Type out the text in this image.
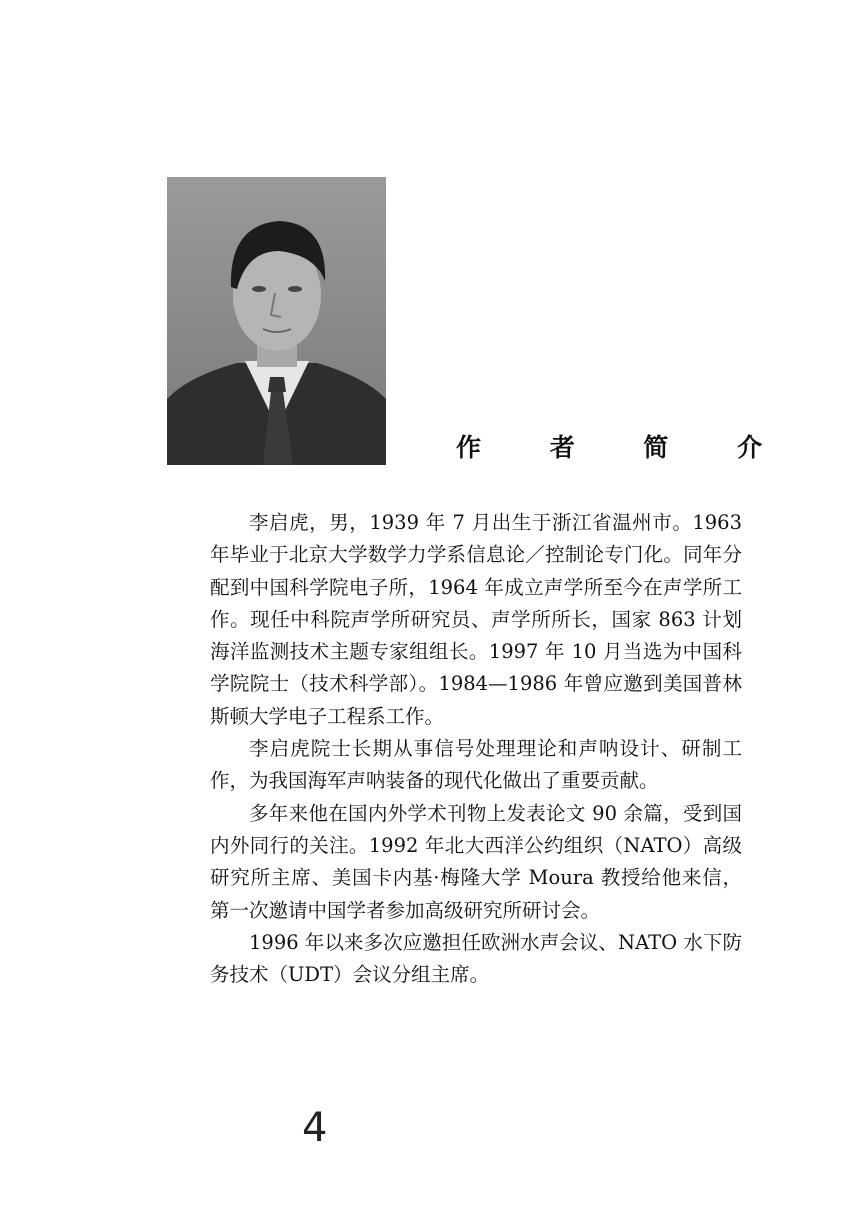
作 者 简 介

李启虎，男，1939 年 7 月出生于浙江省温州市。1963 年毕业于北京大学数学力学系信息论／控制论专门化。同年分配到中国科学院电子所，1964 年成立声学所至今在声学所工作。现任中科院声学所研究员、声学所所长，国家 863 计划海洋监测技术主题专家组组长。1997 年 10 月当选为中国科学院院士（技术科学部）。1984—1986 年曾应邀到美国普林斯顿大学电子工程系工作。

李启虎院士长期从事信号处理理论和声呐设计、研制工作，为我国海军声呐装备的现代化做出了重要贡献。

多年来他在国内外学术刊物上发表论文 90 余篇，受到国内外同行的关注。1992 年北大西洋公约组织（NATO）高级研究所主席、美国卡内基·梅隆大学 Moura 教授给他来信，第一次邀请中国学者参加高级研究所研讨会。

1996 年以来多次应邀担任欧洲水声会议、NATO 水下防务技术（UDT）会议分组主席。

4
